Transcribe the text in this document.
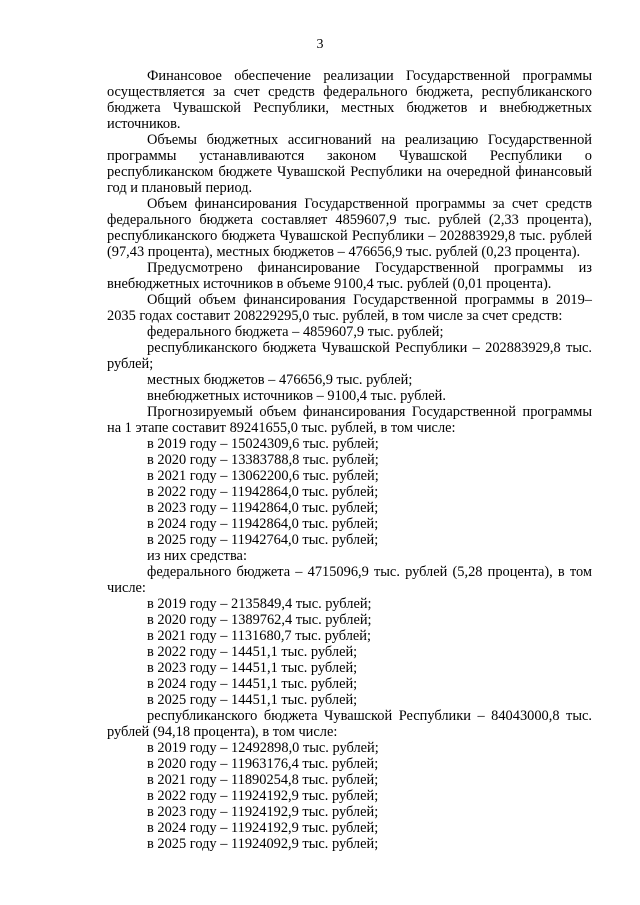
3

Финансовое обеспечение реализации Государственной программы осуществляется за счет средств федерального бюджета, республиканского бюджета Чувашской Республики, местных бюджетов и внебюджетных источников.

Объемы бюджетных ассигнований на реализацию Государственной программы устанавливаются законом Чувашской Республики о республиканском бюджете Чувашской Республики на очередной финансовый год и плановый период.

Объем финансирования Государственной программы за счет средств федерального бюджета составляет 4859607,9 тыс. рублей (2,33 процента), республиканского бюджета Чувашской Республики – 202883929,8 тыс. рублей (97,43 процента), местных бюджетов – 476656,9 тыс. рублей (0,23 процента).

Предусмотрено финансирование Государственной программы из внебюджетных источников в объеме 9100,4 тыс. рублей (0,01 процента).

Общий объем финансирования Государственной программы в 2019–2035 годах составит 208229295,0 тыс. рублей, в том числе за счет средств:

федерального бюджета – 4859607,9 тыс. рублей;

республиканского бюджета Чувашской Республики – 202883929,8 тыс. рублей;

местных бюджетов – 476656,9 тыс. рублей;

внебюджетных источников – 9100,4 тыс. рублей.

Прогнозируемый объем финансирования Государственной программы на 1 этапе составит 89241655,0 тыс. рублей, в том числе:

в 2019 году – 15024309,6 тыс. рублей;

в 2020 году – 13383788,8 тыс. рублей;

в 2021 году – 13062200,6 тыс. рублей;

в 2022 году – 11942864,0 тыс. рублей;

в 2023 году – 11942864,0 тыс. рублей;

в 2024 году – 11942864,0 тыс. рублей;

в 2025 году – 11942764,0 тыс. рублей;

из них средства:

федерального бюджета – 4715096,9 тыс. рублей (5,28 процента), в том числе:

в 2019 году – 2135849,4 тыс. рублей;

в 2020 году – 1389762,4 тыс. рублей;

в 2021 году – 1131680,7 тыс. рублей;

в 2022 году – 14451,1 тыс. рублей;

в 2023 году – 14451,1 тыс. рублей;

в 2024 году – 14451,1 тыс. рублей;

в 2025 году – 14451,1 тыс. рублей;

республиканского бюджета Чувашской Республики – 84043000,8 тыс. рублей (94,18 процента), в том числе:

в 2019 году – 12492898,0 тыс. рублей;

в 2020 году – 11963176,4 тыс. рублей;

в 2021 году – 11890254,8 тыс. рублей;

в 2022 году – 11924192,9 тыс. рублей;

в 2023 году – 11924192,9 тыс. рублей;

в 2024 году – 11924192,9 тыс. рублей;

в 2025 году – 11924092,9 тыс. рублей;
